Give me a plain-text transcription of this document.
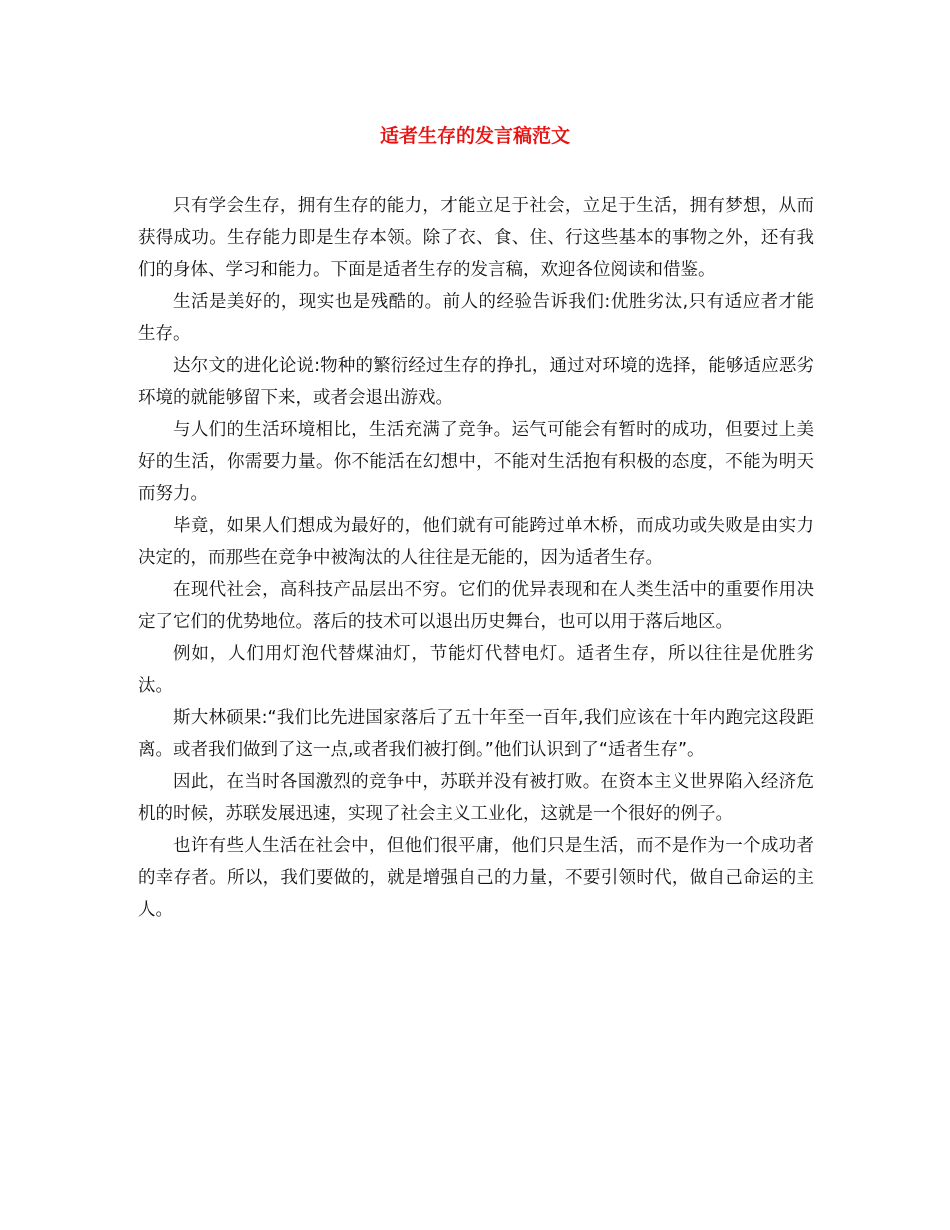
适者生存的发言稿范文

只有学会生存，拥有生存的能力，才能立足于社会，立足于生活，拥有梦想，从而获得成功。生存能力即是生存本领。除了衣、食、住、行这些基本的事物之外，还有我们的身体、学习和能力。下面是适者生存的发言稿，欢迎各位阅读和借鉴。

生活是美好的，现实也是残酷的。前人的经验告诉我们:优胜劣汰,只有适应者才能生存。

达尔文的进化论说:物种的繁衍经过生存的挣扎，通过对环境的选择，能够适应恶劣环境的就能够留下来，或者会退出游戏。

与人们的生活环境相比，生活充满了竞争。运气可能会有暂时的成功，但要过上美好的生活，你需要力量。你不能活在幻想中，不能对生活抱有积极的态度，不能为明天而努力。

毕竟，如果人们想成为最好的，他们就有可能跨过单木桥，而成功或失败是由实力决定的，而那些在竞争中被淘汰的人往往是无能的，因为适者生存。

在现代社会，高科技产品层出不穷。它们的优异表现和在人类生活中的重要作用决定了它们的优势地位。落后的技术可以退出历史舞台，也可以用于落后地区。

例如，人们用灯泡代替煤油灯，节能灯代替电灯。适者生存，所以往往是优胜劣汰。

斯大林硕果:“我们比先进国家落后了五十年至一百年,我们应该在十年内跑完这段距离。或者我们做到了这一点,或者我们被打倒。”他们认识到了“适者生存”。

因此，在当时各国激烈的竞争中，苏联并没有被打败。在资本主义世界陷入经济危机的时候，苏联发展迅速，实现了社会主义工业化，这就是一个很好的例子。

也许有些人生活在社会中，但他们很平庸，他们只是生活，而不是作为一个成功者的幸存者。所以，我们要做的，就是增强自己的力量，不要引领时代，做自己命运的主人。
